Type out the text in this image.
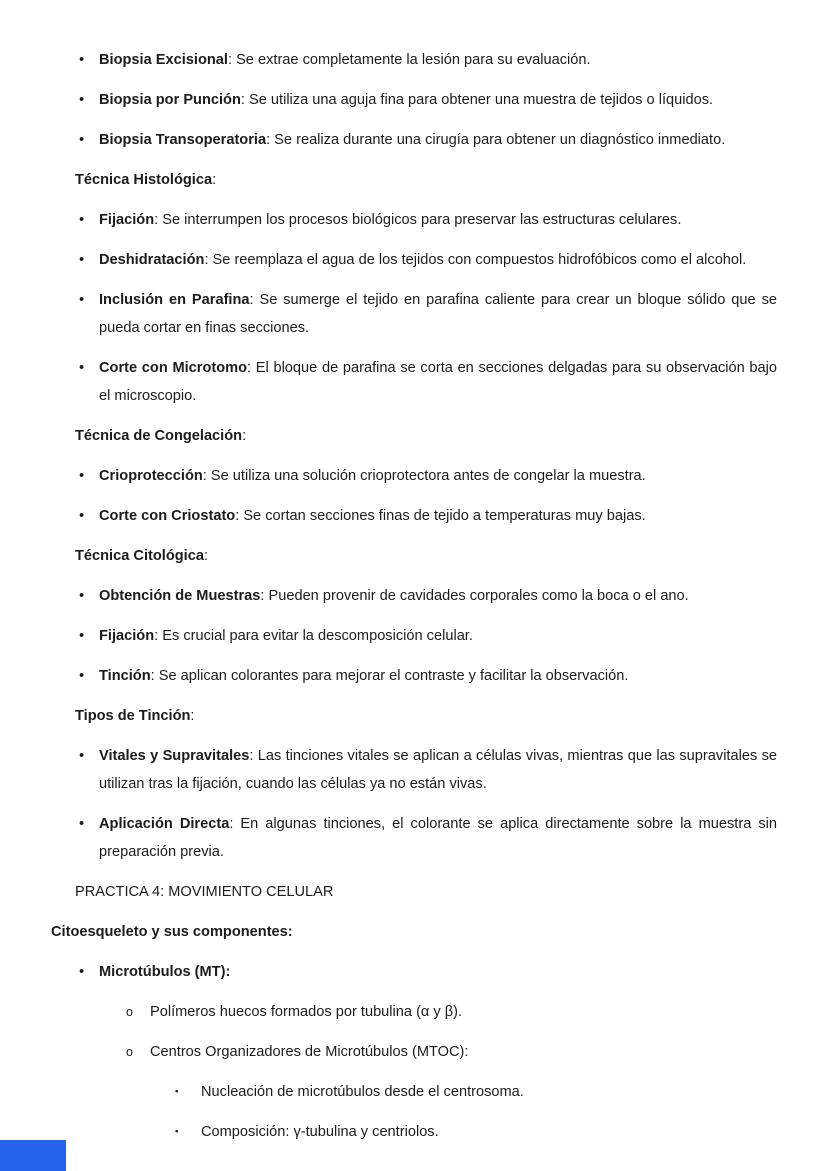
• Biopsia Excisional: Se extrae completamente la lesión para su evaluación.
• Biopsia por Punción: Se utiliza una aguja fina para obtener una muestra de tejidos o líquidos.
• Biopsia Transoperatoria: Se realiza durante una cirugía para obtener un diagnóstico inmediato.
Técnica Histológica:
• Fijación: Se interrumpen los procesos biológicos para preservar las estructuras celulares.
• Deshidratación: Se reemplaza el agua de los tejidos con compuestos hidrofóbicos como el alcohol.
• Inclusión en Parafina: Se sumerge el tejido en parafina caliente para crear un bloque sólido que se pueda cortar en finas secciones.
• Corte con Microtomo: El bloque de parafina se corta en secciones delgadas para su observación bajo el microscopio.
Técnica de Congelación:
• Crioprotección: Se utiliza una solución crioprotectora antes de congelar la muestra.
• Corte con Criostato: Se cortan secciones finas de tejido a temperaturas muy bajas.
Técnica Citológica:
• Obtención de Muestras: Pueden provenir de cavidades corporales como la boca o el ano.
• Fijación: Es crucial para evitar la descomposición celular.
• Tinción: Se aplican colorantes para mejorar el contraste y facilitar la observación.
Tipos de Tinción:
• Vitales y Supravitales: Las tinciones vitales se aplican a células vivas, mientras que las supravitales se utilizan tras la fijación, cuando las células ya no están vivas.
• Aplicación Directa: En algunas tinciones, el colorante se aplica directamente sobre la muestra sin preparación previa.
PRACTICA 4: MOVIMIENTO CELULAR
Citoesqueleto y sus componentes:
• Microtúbulos (MT):
o Polímeros huecos formados por tubulina (α y β).
o Centros Organizadores de Microtúbulos (MTOC):
▪ Nucleación de microtúbulos desde el centrosoma.
▪ Composición: γ-tubulina y centriolos.
